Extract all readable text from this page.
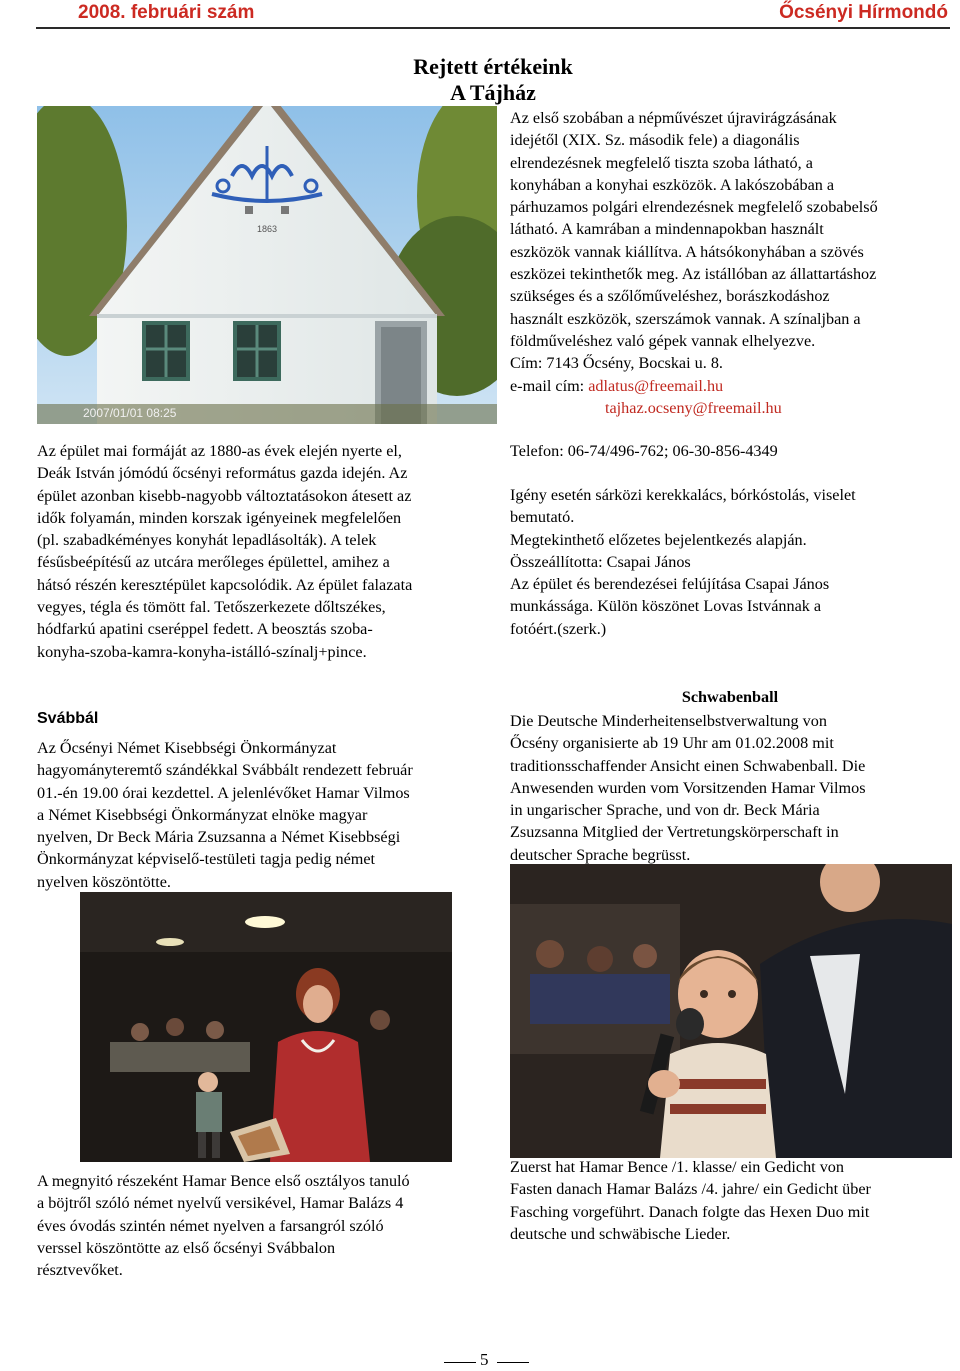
2008. februári szám	Őcsényi Hírmondó
Rejtett értékeink
A Tájház
1863
2007/01/01 08:25
Az első szobában a népművészet újravirágzásának
idejétől (XIX. Sz. második fele) a diagonális
elrendezésnek megfelelő tiszta szoba látható, a
konyhában a konyhai eszközök. A lakószobában a
párhuzamos polgári elrendezésnek megfelelő szobabelső
látható. A kamrában a mindennapokban használt
eszközök vannak kiállítva. A hátsókonyhában a szövés
eszközei tekinthetők meg. Az istállóban az állattartáshoz
szükséges és a szőlőműveléshez, borászkodáshoz
használt eszközök, szerszámok vannak. A színaljban a
földműveléshez való gépek vannak elhelyezve.
Cím: 7143 Őcsény, Bocskai u. 8.
e-mail cím: adlatus@freemail.hu
tajhaz.ocseny@freemail.hu
Az épület mai formáját az 1880-as évek elején nyerte el,
Deák István jómódú őcsényi református gazda idején. Az
épület azonban kisebb-nagyobb változtatásokon átesett az
idők folyamán, minden korszak igényeinek megfelelően
(pl. szabadkéményes konyhát lepadlásolták). A telek
fésűsbeépítésű az utcára merőleges épülettel, amihez a
hátsó részén keresztépület kapcsolódik. Az épület falazata
vegyes, tégla és tömött fal. Tetőszerkezete dőltszékes,
hódfarkú apatini cseréppel fedett. A beosztás szoba-
konyha-szoba-kamra-konyha-istálló-színalj+pince.
Telefon: 06-74/496-762; 06-30-856-4349
Igény esetén sárközi kerekkalács, bórkóstolás, viselet
bemutató.
Megtekinthető előzetes bejelentkezés alapján.
Összeállította: Csapai János
Az épület és berendezései felújítása Csapai János
munkássága. Külön köszönet Lovas Istvánnak a
fotóért.(szerk.)
Svábbál
Az Őcsényi Német Kisebbségi Önkormányzat
hagyományteremtő szándékkal Svábbált rendezett február
01.-én 19.00 órai kezdettel. A jelenlévőket Hamar Vilmos
a Német Kisebbségi Önkormányzat elnöke magyar
nyelven, Dr Beck Mária Zsuzsanna a Német Kisebbségi
Önkormányzat képviselő-testületi tagja pedig német
nyelven köszöntötte.
Schwabenball
Die Deutsche Minderheitenselbstverwaltung von
Őcsény organisierte ab 19 Uhr am 01.02.2008 mit
traditionsschaffender Ansicht einen Schwabenball. Die
Anwesenden wurden vom Vorsitzenden Hamar Vilmos
in ungarischer Sprache, und von dr. Beck Mária
Zsuzsanna Mitglied der Vertretungskörperschaft in
deutscher Sprache begrüsst.
A megnyitó részeként Hamar Bence első osztályos tanuló
a böjtről szóló német nyelvű versikével, Hamar Balázs 4
éves óvodás szintén német nyelven a farsangról szóló
verssel köszöntötte az első őcsényi Svábbalon
résztvevőket.
Zuerst hat Hamar Bence /1. klasse/ ein Gedicht von
Fasten danach Hamar Balázs /4. jahre/ ein Gedicht über
Fasching vorgeführt. Danach folgte das Hexen Duo mit
deutsche und schwäbische Lieder.
5
